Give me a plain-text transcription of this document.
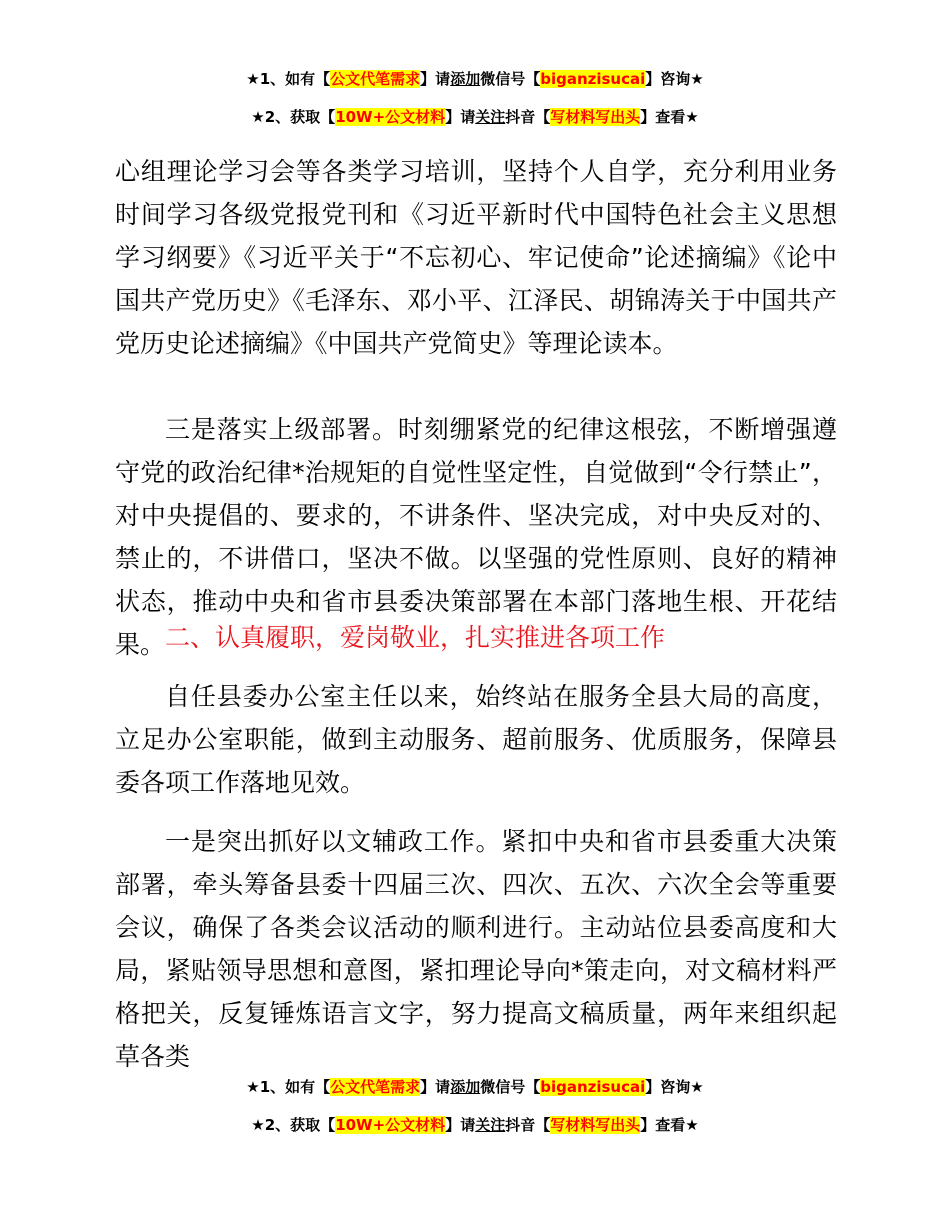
★1、如有【公文代笔需求】请添加微信号【biganzisucai】咨询★
★2、获取【10W+公文材料】请关注抖音【写材料写出头】查看★

心组理论学习会等各类学习培训，坚持个人自学，充分利用业务时间学习各级党报党刊和《习近平新时代中国特色社会主义思想学习纲要》《习近平关于“不忘初心、牢记使命”论述摘编》《论中国共产党历史》《毛泽东、邓小平、江泽民、胡锦涛关于中国共产党历史论述摘编》《中国共产党简史》等理论读本。

三是落实上级部署。时刻绷紧党的纪律这根弦，不断增强遵守党的政治纪律*治规矩的自觉性坚定性，自觉做到“令行禁止”，对中央提倡的、要求的，不讲条件、坚决完成，对中央反对的、禁止的，不讲借口，坚决不做。以坚强的党性原则、良好的精神状态，推动中央和省市县委决策部署在本部门落地生根、开花结果。 二、认真履职，爱岗敬业，扎实推进各项工作

自任县委办公室主任以来，始终站在服务全县大局的高度，立足办公室职能，做到主动服务、超前服务、优质服务，保障县委各项工作落地见效。

一是突出抓好以文辅政工作。紧扣中央和省市县委重大决策部署，牵头筹备县委十四届三次、四次、五次、六次全会等重要会议，确保了各类会议活动的顺利进行。主动站位县委高度和大局，紧贴领导思想和意图，紧扣理论导向*策走向，对文稿材料严格把关，反复锤炼语言文字，努力提高文稿质量，两年来组织起草各类

★1、如有【公文代笔需求】请添加微信号【biganzisucai】咨询★
★2、获取【10W+公文材料】请关注抖音【写材料写出头】查看★
